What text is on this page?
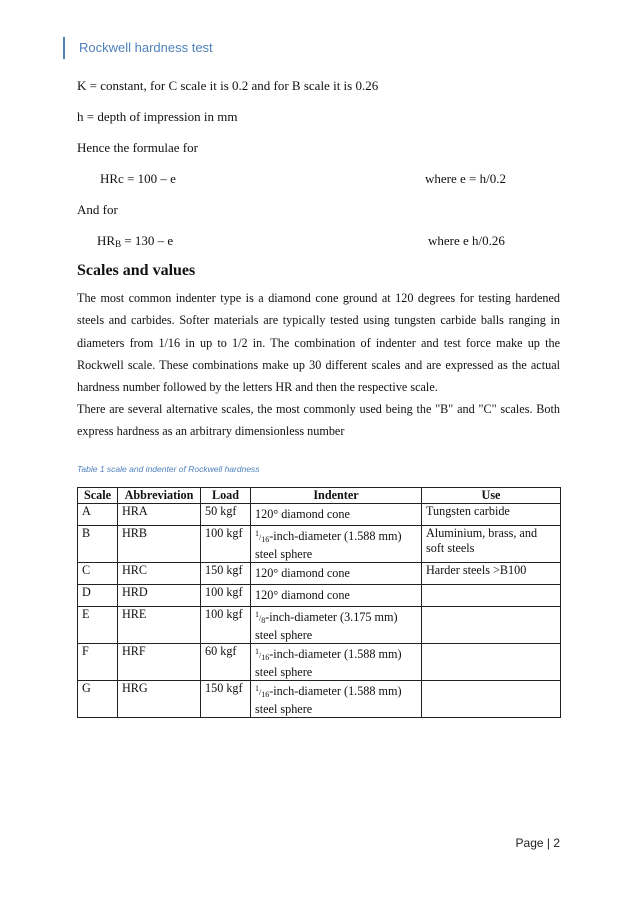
Rockwell hardness test
K = constant, for C scale it is 0.2 and for B scale it is 0.26
h = depth of impression in mm
Hence the formulae for
HRc = 100 – e	where e = h/0.2
And for
$HR_B = 130 - e$	where e h/0.26
Scales and values

The most common indenter type is a diamond cone ground at 120 degrees for testing hardened steels and carbides. Softer materials are typically tested using tungsten carbide balls ranging in diameters from 1/16 in up to 1/2 in. The combination of indenter and test force make up the Rockwell scale. These combinations make up 30 different scales and are expressed as the actual hardness number followed by the letters HR and then the respective scale.

There are several alternative scales, the most commonly used being the "B" and "C" scales. Both express hardness as an arbitrary dimensionless number

Table 1 scale and indenter of Rockwell hardness
Scale	Abbreviation	Load	Indenter	Use
A	HRA	50 kgf	120° diamond cone	Tungsten carbide
B	HRB	100 kgf	1/16-inch-diameter (1.588 mm) steel sphere	Aluminium, brass, and soft steels
C	HRC	150 kgf	120° diamond cone	Harder steels >B100
D	HRD	100 kgf	120° diamond cone	
E	HRE	100 kgf	1/8-inch-diameter (3.175 mm) steel sphere	
F	HRF	60 kgf	1/16-inch-diameter (1.588 mm) steel sphere	
G	HRG	150 kgf	1/16-inch-diameter (1.588 mm) steel sphere	
Page | 2
